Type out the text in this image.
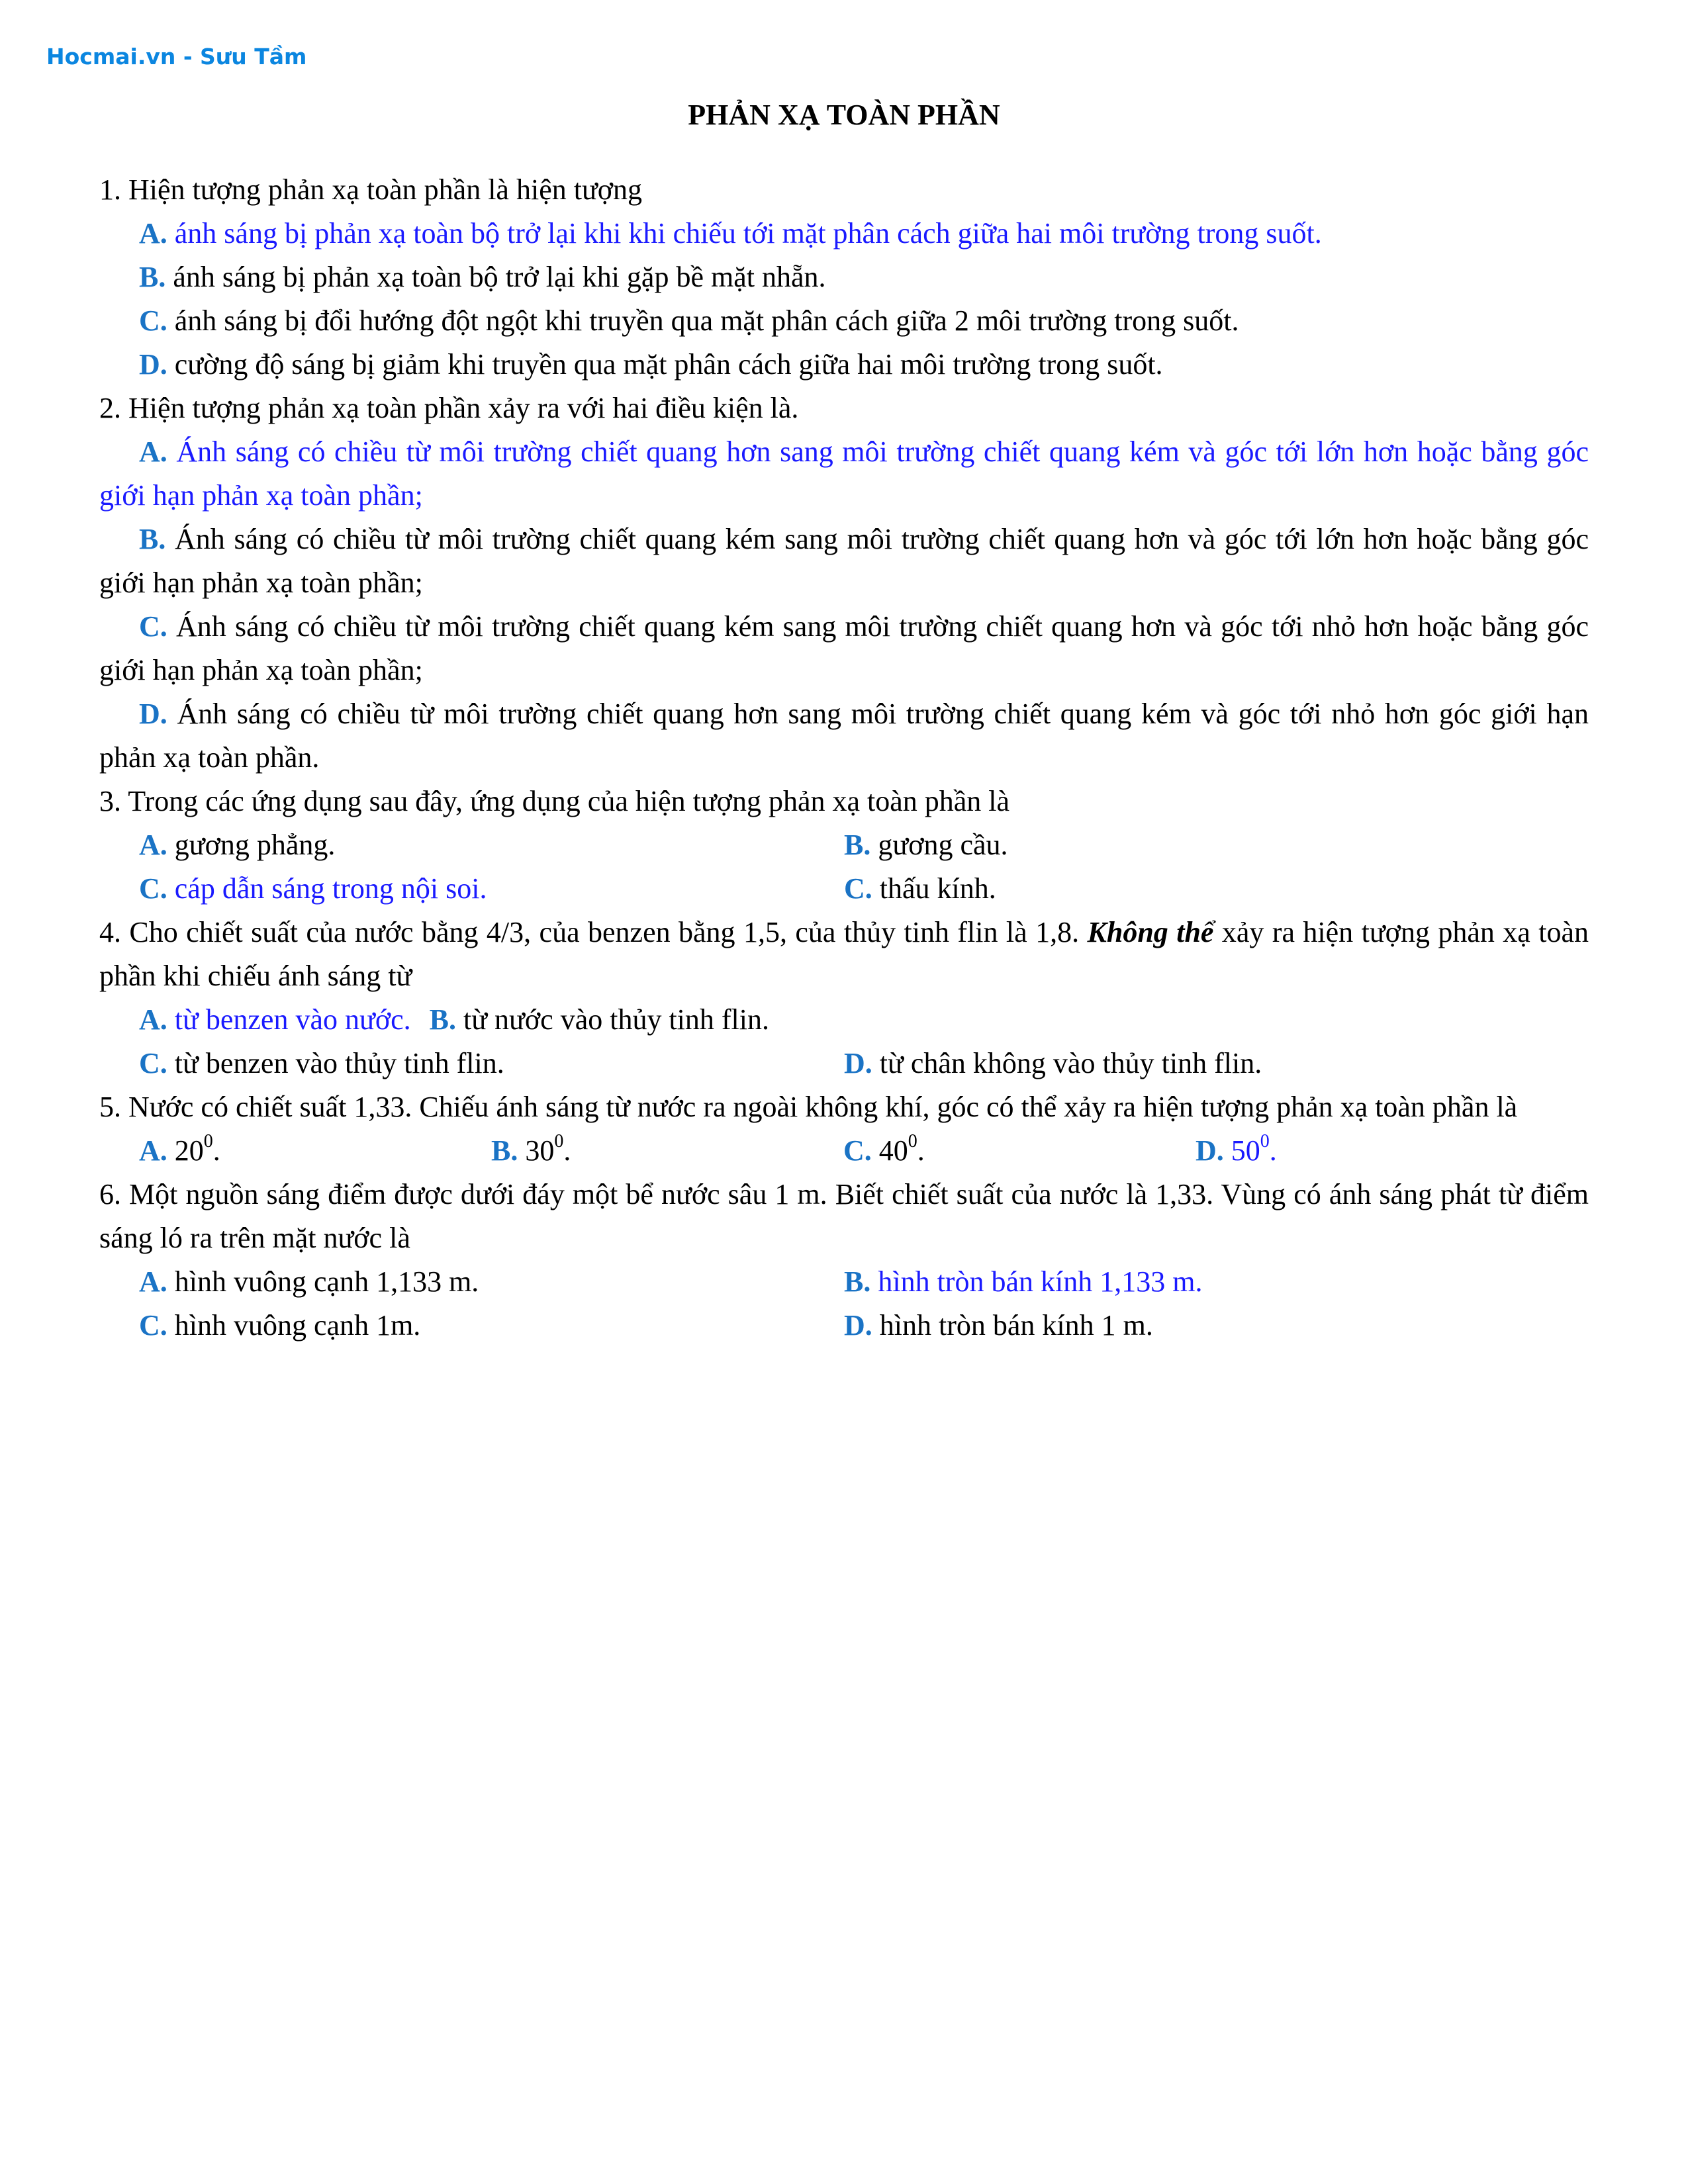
Hocmai.vn - Sưu Tầm
PHẢN XẠ TOÀN PHẦN

1. Hiện tượng phản xạ toàn phần là hiện tượng

A. ánh sáng bị phản xạ toàn bộ trở lại khi khi chiếu tới mặt phân cách giữa hai môi trường trong suốt.

B. ánh sáng bị phản xạ toàn bộ trở lại khi gặp bề mặt nhẵn.

C. ánh sáng bị đổi hướng đột ngột khi truyền qua mặt phân cách giữa 2 môi trường trong suốt.

D. cường độ sáng bị giảm khi truyền qua mặt phân cách giữa hai môi trường trong suốt.

2. Hiện tượng phản xạ toàn phần xảy ra với hai điều kiện là.

A. Ánh sáng có chiều từ môi trường chiết quang hơn sang môi trường chiết quang kém và góc tới lớn hơn hoặc bằng góc giới hạn phản xạ toàn phần;

B. Ánh sáng có chiều từ môi trường chiết quang kém sang môi trường chiết quang hơn và góc tới lớn hơn hoặc bằng góc giới hạn phản xạ toàn phần;

C. Ánh sáng có chiều từ môi trường chiết quang kém sang môi trường chiết quang hơn và góc tới nhỏ hơn hoặc bằng góc giới hạn phản xạ toàn phần;

D. Ánh sáng có chiều từ môi trường chiết quang hơn sang môi trường chiết quang kém và góc tới nhỏ hơn góc giới hạn phản xạ toàn phần.

3. Trong các ứng dụng sau đây, ứng dụng của hiện tượng phản xạ toàn phần là

A. gương phẳng.	B. gương cầu.
C. cáp dẫn sáng trong nội soi.	C. thấu kính.

4. Cho chiết suất của nước bằng 4/3, của benzen bằng 1,5, của thủy tinh flin là 1,8. Không thể xảy ra hiện tượng phản xạ toàn phần khi chiếu ánh sáng từ

A. từ benzen vào nước. B. từ nước vào thủy tinh flin.
C. từ benzen vào thủy tinh flin.	D. từ chân không vào thủy tinh flin.

5. Nước có chiết suất 1,33. Chiếu ánh sáng từ nước ra ngoài không khí, góc có thể xảy ra hiện tượng phản xạ toàn phần là

A. $20^0$.	B. $30^0$.	C. $40^0$.	D. $50^0$.

6. Một nguồn sáng điểm được dưới đáy một bể nước sâu 1 m. Biết chiết suất của nước là 1,33. Vùng có ánh sáng phát từ điểm sáng ló ra trên mặt nước là

A. hình vuông cạnh 1,133 m.	B. hình tròn bán kính 1,133 m.
C. hình vuông cạnh 1m.	D. hình tròn bán kính 1 m.
